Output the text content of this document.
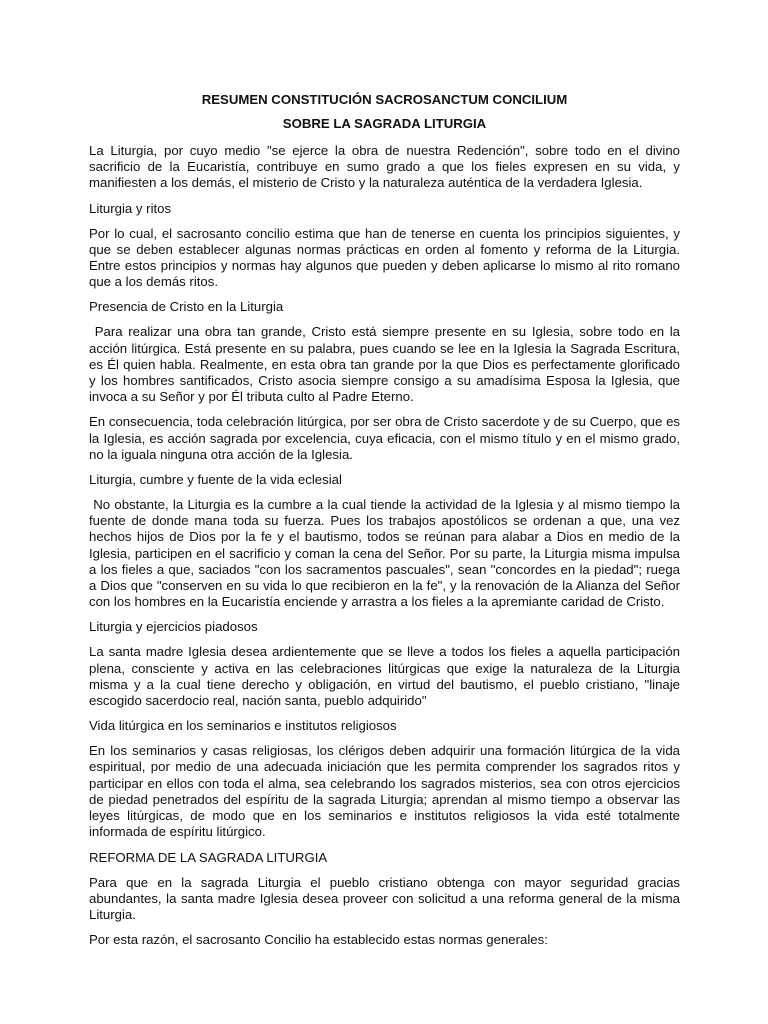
RESUMEN CONSTITUCIÓN SACROSANCTUM CONCILIUM
SOBRE LA SAGRADA LITURGIA

La Liturgia, por cuyo medio "se ejerce la obra de nuestra Redención", sobre todo en el divino sacrificio de la Eucaristía, contribuye en sumo grado a que los fieles expresen en su vida, y manifiesten a los demás, el misterio de Cristo y la naturaleza auténtica de la verdadera Iglesia.

Liturgia y ritos

Por lo cual, el sacrosanto concilio estima que han de tenerse en cuenta los principios siguientes, y que se deben establecer algunas normas prácticas en orden al fomento y reforma de la Liturgia. Entre estos principios y normas hay algunos que pueden y deben aplicarse lo mismo al rito romano que a los demás ritos.

Presencia de Cristo en la Liturgia

Para realizar una obra tan grande, Cristo está siempre presente en su Iglesia, sobre todo en la acción litúrgica. Está presente en su palabra, pues cuando se lee en la Iglesia la Sagrada Escritura, es Él quien habla. Realmente, en esta obra tan grande por la que Dios es perfectamente glorificado y los hombres santificados, Cristo asocia siempre consigo a su amadísima Esposa la Iglesia, que invoca a su Señor y por Él tributa culto al Padre Eterno.

En consecuencia, toda celebración litúrgica, por ser obra de Cristo sacerdote y de su Cuerpo, que es la Iglesia, es acción sagrada por excelencia, cuya eficacia, con el mismo título y en el mismo grado, no la iguala ninguna otra acción de la Iglesia.

Liturgia, cumbre y fuente de la vida eclesial

No obstante, la Liturgia es la cumbre a la cual tiende la actividad de la Iglesia y al mismo tiempo la fuente de donde mana toda su fuerza. Pues los trabajos apostólicos se ordenan a que, una vez hechos hijos de Dios por la fe y el bautismo, todos se reúnan para alabar a Dios en medio de la Iglesia, participen en el sacrificio y coman la cena del Señor. Por su parte, la Liturgia misma impulsa a los fieles a que, saciados "con los sacramentos pascuales", sean "concordes en la piedad"; ruega a Dios que "conserven en su vida lo que recibieron en la fe", y la renovación de la Alianza del Señor con los hombres en la Eucaristía enciende y arrastra a los fieles a la apremiante caridad de Cristo.

Liturgia y ejercicios piadosos

La santa madre Iglesia desea ardientemente que se lleve a todos los fieles a aquella participación plena, consciente y activa en las celebraciones litúrgicas que exige la naturaleza de la Liturgia misma y a la cual tiene derecho y obligación, en virtud del bautismo, el pueblo cristiano, "linaje escogido sacerdocio real, nación santa, pueblo adquirido"

Vida litúrgica en los seminarios e institutos religiosos

En los seminarios y casas religiosas, los clérigos deben adquirir una formación litúrgica de la vida espiritual, por medio de una adecuada iniciación que les permita comprender los sagrados ritos y participar en ellos con toda el alma, sea celebrando los sagrados misterios, sea con otros ejercicios de piedad penetrados del espíritu de la sagrada Liturgia; aprendan al mismo tiempo a observar las leyes litúrgicas, de modo que en los seminarios e institutos religiosos la vida esté totalmente informada de espíritu litúrgico.

REFORMA DE LA SAGRADA LITURGIA

Para que en la sagrada Liturgia el pueblo cristiano obtenga con mayor seguridad gracias abundantes, la santa madre Iglesia desea proveer con solicitud a una reforma general de la misma Liturgia.

Por esta razón, el sacrosanto Concilio ha establecido estas normas generales:
